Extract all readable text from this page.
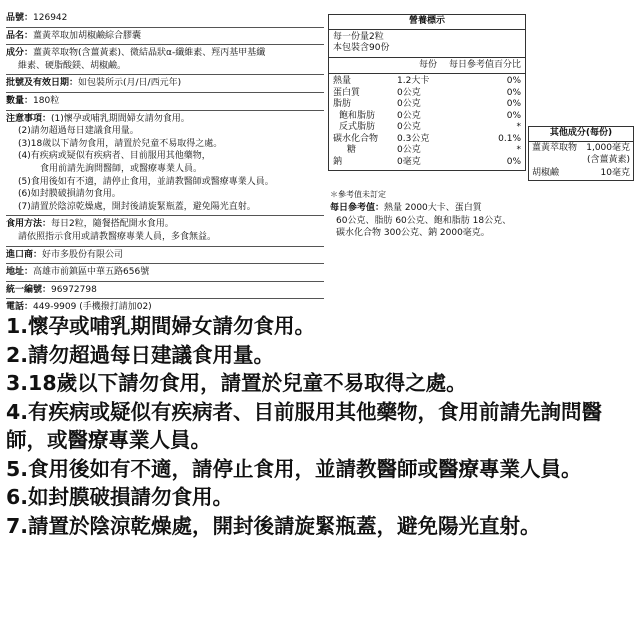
品號：126942
品名：薑黃萃取加胡椒鹼綜合膠囊
成分：薑黃萃取物(含薑黃素)、微結晶狀α-纖維素、羥丙基甲基纖
維素、硬脂酸鎂、胡椒鹼。
批號及有效日期：如包裝所示(月/日/西元年)
數量：180粒
注意事項：(1)懷孕或哺乳期間婦女請勿食用。
(2)請勿超過每日建議食用量。
(3)18歲以下請勿食用，請置於兒童不易取得之處。
(4)有疾病或疑似有疾病者、目前服用其他藥物，
食用前請先詢問醫師，或醫療專業人員。
(5)食用後如有不適，請停止食用，並請教醫師或醫療專業人員。
(6)如封膜破損請勿食用。
(7)請置於陰涼乾燥處，開封後請旋緊瓶蓋，避免陽光直射。
食用方法：每日2粒，隨餐搭配開水食用。
請依照指示食用或請教醫療專業人員，多食無益。
進口商：好市多股份有限公司
地址：高雄市前鎮區中華五路656號
統一編號：96972798
電話：449-9909 (手機撥打請加02)
營養標示
每一份量2粒
本包裝含90份
每份 每日參考值百分比
熱量	1.2大卡	0%
蛋白質	0公克	0%
脂肪	0公克	0%
飽和脂肪	0公克	0%
反式脂肪	0公克	*
碳水化合物	0.3公克	0.1%
糖	0公克	*
鈉	0毫克	0%
其他成分(每份)
薑黃萃取物 1,000毫克
(含薑黃素)
胡椒鹼	10毫克
＊參考值未訂定
每日參考值：熱量 2000大卡、蛋白質
60公克、脂肪 60公克、飽和脂肪 18公克、
碳水化合物 300公克、鈉 2000毫克。
1.懷孕或哺乳期間婦女請勿食用。
2.請勿超過每日建議食用量。
3.18歲以下請勿食用，請置於兒童不易取得之處。
4.有疾病或疑似有疾病者、目前服用其他藥物，食用前請先詢問醫師，或醫療專業人員。
5.食用後如有不適，請停止食用，並請教醫師或醫療專業人員。
6.如封膜破損請勿食用。
7.請置於陰涼乾燥處，開封後請旋緊瓶蓋，避免陽光直射。
